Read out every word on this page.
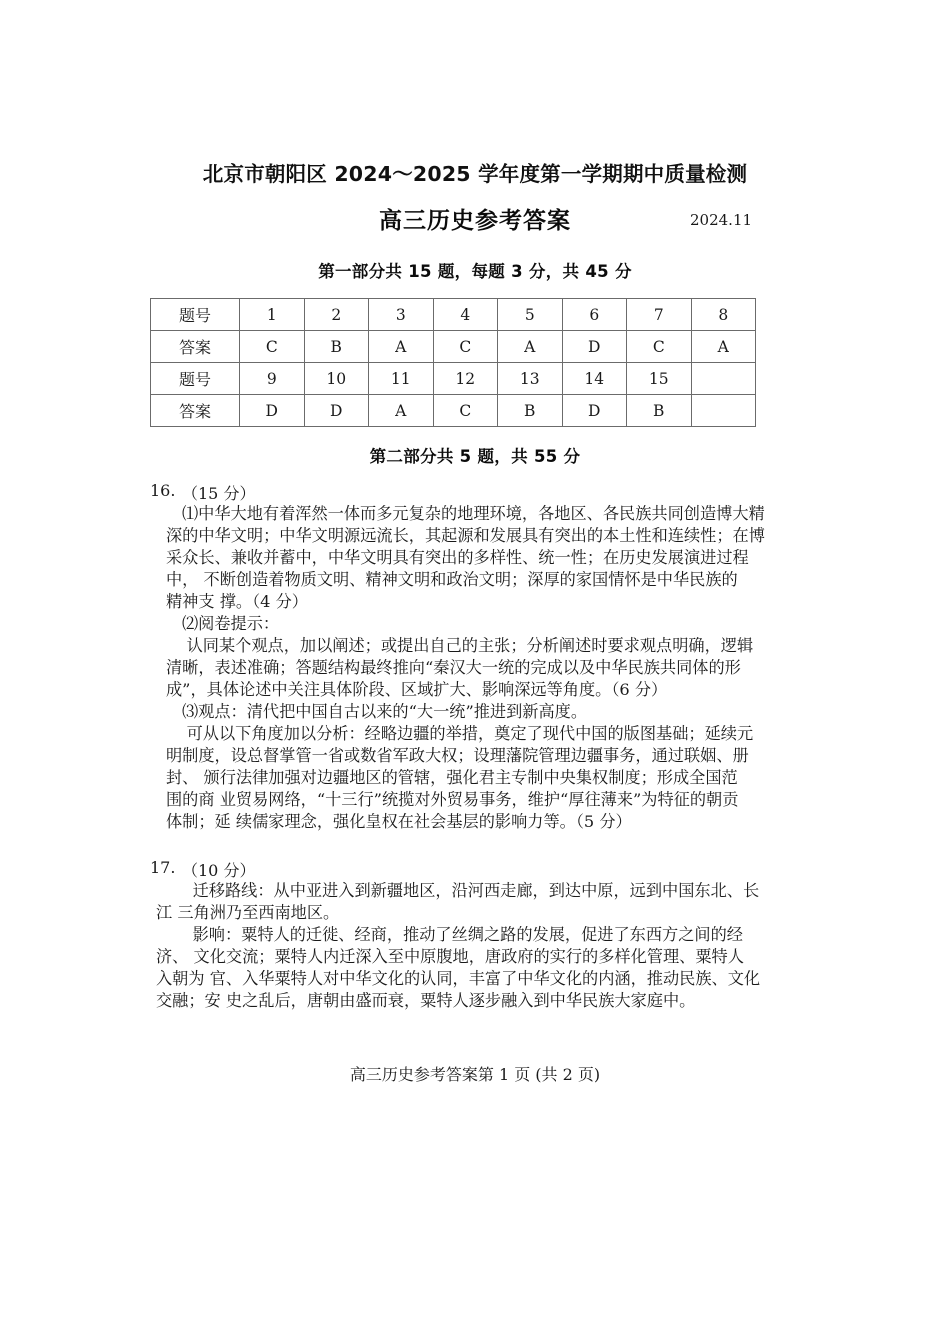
北京市朝阳区 2024～2025 学年度第一学期期中质量检测
高三历史参考答案	2024.11
第一部分共 15 题，每题 3 分，共 45 分
题号	1	2	3	4	5	6	7	8
答案	C	B	A	C	A	D	C	A
题号	9	10	11	12	13	14	15	
答案	D	D	A	C	B	D	B	
第二部分共 5 题，共 55 分
16. （15 分）
⑴中华大地有着浑然一体而多元复杂的地理环境，各地区、各民族共同创造博大精
深的中华文明；中华文明源远流长，其起源和发展具有突出的本土性和连续性；在博
采众长、兼收并蓄中，中华文明具有突出的多样性、统一性；在历史发展演进过程
中， 不断创造着物质文明、精神文明和政治文明；深厚的家国情怀是中华民族的
精神支 撑。（4 分）
⑵阅卷提示：
认同某个观点，加以阐述；或提出自己的主张；分析阐述时要求观点明确，逻辑
清晰，表述准确；答题结构最终推向“秦汉大一统的完成以及中华民族共同体的形
成”，具体论述中关注具体阶段、区域扩大、影响深远等角度。（6 分）
⑶观点：清代把中国自古以来的“大一统”推进到新高度。
可从以下角度加以分析：经略边疆的举措，奠定了现代中国的版图基础；延续元
明制度，设总督掌管一省或数省军政大权；设理藩院管理边疆事务，通过联姻、册
封、 颁行法律加强对边疆地区的管辖，强化君主专制中央集权制度；形成全国范
围的商 业贸易网络，“十三行”统揽对外贸易事务，维护“厚往薄来”为特征的朝贡
体制；延 续儒家理念，强化皇权在社会基层的影响力等。（5 分）
17. （10 分）
迁移路线：从中亚进入到新疆地区，沿河西走廊，到达中原，远到中国东北、长
江 三角洲乃至西南地区。
影响：粟特人的迁徙、经商，推动了丝绸之路的发展，促进了东西方之间的经
济、 文化交流；粟特人内迁深入至中原腹地，唐政府的实行的多样化管理、粟特人
入朝为 官、入华粟特人对中华文化的认同，丰富了中华文化的内涵，推动民族、文化
交融；安 史之乱后，唐朝由盛而衰，粟特人逐步融入到中华民族大家庭中。
高三历史参考答案第 1 页 (共 2 页)
